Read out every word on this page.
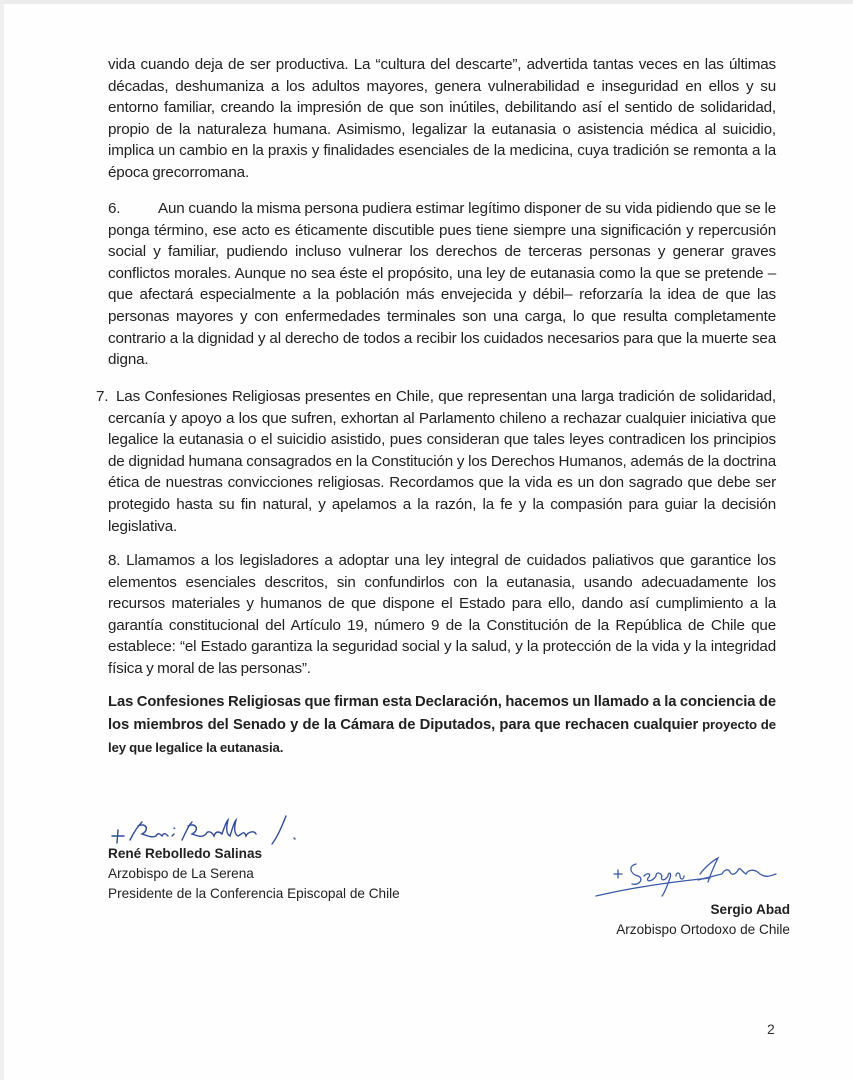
vida cuando deja de ser productiva. La “cultura del descarte”, advertida tantas veces en las últimas décadas, deshumaniza a los adultos mayores, genera vulnerabilidad e inseguridad en ellos y su entorno familiar, creando la impresión de que son inútiles, debilitando así el sentido de solidaridad, propio de la naturaleza humana. Asimismo, legalizar la eutanasia o asistencia médica al suicidio, implica un cambio en la praxis y finalidades esenciales de la medicina, cuya tradición se remonta a la época grecorromana.

6. Aun cuando la misma persona pudiera estimar legítimo disponer de su vida pidiendo que se le ponga término, ese acto es éticamente discutible pues tiene siempre una significación y repercusión social y familiar, pudiendo incluso vulnerar los derechos de terceras personas y generar graves conflictos morales. Aunque no sea éste el propósito, una ley de eutanasia como la que se pretende –que afectará especialmente a la población más envejecida y débil– reforzaría la idea de que las personas mayores y con enfermedades terminales son una carga, lo que resulta completamente contrario a la dignidad y al derecho de todos a recibir los cuidados necesarios para que la muerte sea digna.

7. Las Confesiones Religiosas presentes en Chile, que representan una larga tradición de solidaridad, cercanía y apoyo a los que sufren, exhortan al Parlamento chileno a rechazar cualquier iniciativa que legalice la eutanasia o el suicidio asistido, pues consideran que tales leyes contradicen los principios de dignidad humana consagrados en la Constitución y los Derechos Humanos, además de la doctrina ética de nuestras convicciones religiosas. Recordamos que la vida es un don sagrado que debe ser protegido hasta su fin natural, y apelamos a la razón, la fe y la compasión para guiar la decisión legislativa.

8. Llamamos a los legisladores a adoptar una ley integral de cuidados paliativos que garantice los elementos esenciales descritos, sin confundirlos con la eutanasia, usando adecuadamente los recursos materiales y humanos de que dispone el Estado para ello, dando así cumplimiento a la garantía constitucional del Artículo 19, número 9 de la Constitución de la República de Chile que establece: “el Estado garantiza la seguridad social y la salud, y la protección de la vida y la integridad física y moral de las personas”.

Las Confesiones Religiosas que firman esta Declaración, hacemos un llamado a la conciencia de los miembros del Senado y de la Cámara de Diputados, para que rechacen cualquier proyecto de ley que legalice la eutanasia.

René Rebolledo Salinas
Arzobispo de La Serena
Presidente de la Conferencia Episcopal de Chile
Sergio Abad
Arzobispo Ortodoxo de Chile
2
